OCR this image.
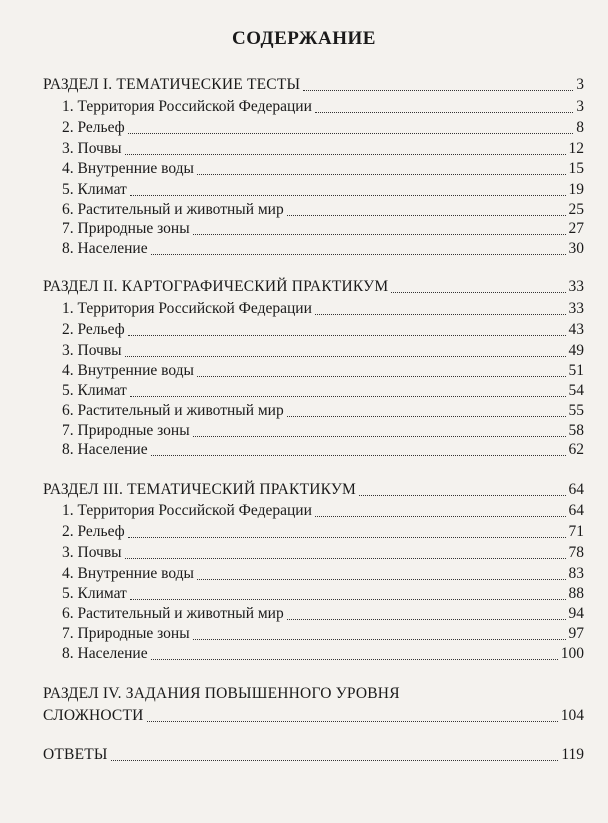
СОДЕРЖАНИЕ
РАЗДЕЛ I. ТЕМАТИЧЕСКИЕ ТЕСТЫ	3
1. Территория Российской Федерации	3
2. Рельеф	8
3. Почвы	12
4. Внутренние воды	15
5. Климат	19
6. Растительный и животный мир	25
7. Природные зоны	27
8. Население	30
РАЗДЕЛ II. КАРТОГРАФИЧЕСКИЙ ПРАКТИКУМ	33
1. Территория Российской Федерации	33
2. Рельеф	43
3. Почвы	49
4. Внутренние воды	51
5. Климат	54
6. Растительный и животный мир	55
7. Природные зоны	58
8. Население	62
РАЗДЕЛ III. ТЕМАТИЧЕСКИЙ ПРАКТИКУМ	64
1. Территория Российской Федерации	64
2. Рельеф	71
3. Почвы	78
4. Внутренние воды	83
5. Климат	88
6. Растительный и животный мир	94
7. Природные зоны	97
8. Население	100
РАЗДЕЛ IV. ЗАДАНИЯ ПОВЫШЕННОГО УРОВНЯ
СЛОЖНОСТИ	104
ОТВЕТЫ	119
